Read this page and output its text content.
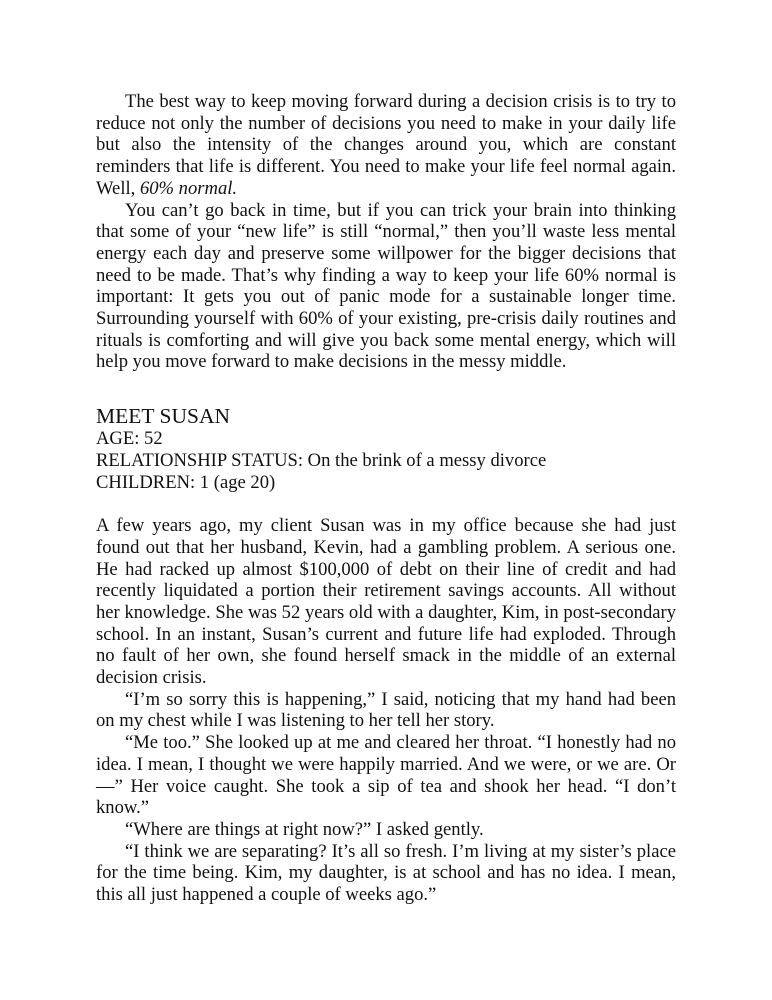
The best way to keep moving forward during a decision crisis is to try to reduce not only the number of decisions you need to make in your daily life but also the intensity of the changes around you, which are constant reminders that life is different. You need to make your life feel normal again. Well, 60% normal.

You can’t go back in time, but if you can trick your brain into thinking that some of your “new life” is still “normal,” then you’ll waste less mental energy each day and preserve some willpower for the bigger decisions that need to be made. That’s why finding a way to keep your life 60% normal is important: It gets you out of panic mode for a sustainable longer time. Surrounding yourself with 60% of your existing, pre-crisis daily routines and rituals is comforting and will give you back some mental energy, which will help you move forward to make decisions in the messy middle.

MEET SUSAN

AGE: 52

RELATIONSHIP STATUS: On the brink of a messy divorce

CHILDREN: 1 (age 20)

A few years ago, my client Susan was in my office because she had just found out that her husband, Kevin, had a gambling problem. A serious one. He had racked up almost $100,000 of debt on their line of credit and had recently liquidated a portion their retirement savings accounts. All without her knowledge. She was 52 years old with a daughter, Kim, in post-secondary school. In an instant, Susan’s current and future life had exploded. Through no fault of her own, she found herself smack in the middle of an external decision crisis.

“I’m so sorry this is happening,” I said, noticing that my hand had been on my chest while I was listening to her tell her story.

“Me too.” She looked up at me and cleared her throat. “I honestly had no idea. I mean, I thought we were happily married. And we were, or we are. Or—” Her voice caught. She took a sip of tea and shook her head. “I don’t know.”

“Where are things at right now?” I asked gently.

“I think we are separating? It’s all so fresh. I’m living at my sister’s place for the time being. Kim, my daughter, is at school and has no idea. I mean, this all just happened a couple of weeks ago.”
